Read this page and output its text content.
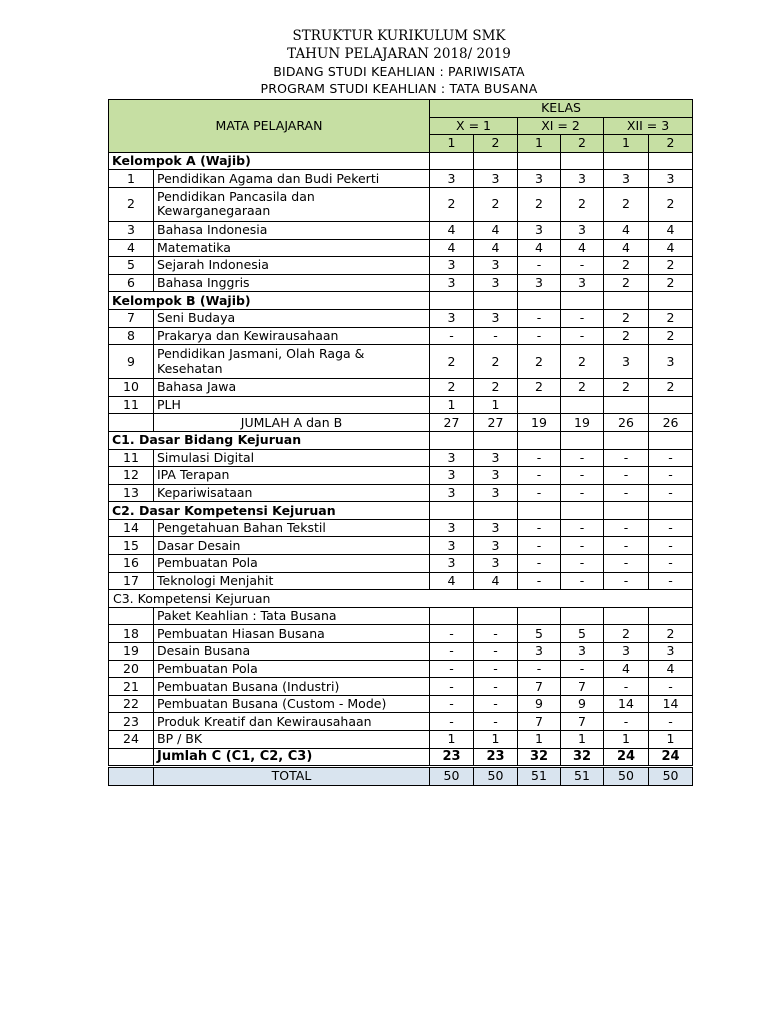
STRUKTUR KURIKULUM SMK
TAHUN PELAJARAN 2018/ 2019
BIDANG STUDI KEAHLIAN : PARIWISATA
PROGRAM STUDI KEAHLIAN : TATA BUSANA
MATA PELAJARAN		KELAS					
		X = 1		XI = 2		XII = 3	
		1	2	1	2	1	2
Kelompok A (Wajib)							
1	Pendidikan Agama dan Budi Pekerti	3	3	3	3	3	3
2	Pendidikan Pancasila dan Kewarganegaraan	2	2	2	2	2	2
3	Bahasa Indonesia	4	4	3	3	4	4
4	Matematika	4	4	4	4	4	4
5	Sejarah Indonesia	3	3	-	-	2	2
6	Bahasa Inggris	3	3	3	3	2	2
Kelompok B (Wajib)							
7	Seni Budaya	3	3	-	-	2	2
8	Prakarya dan Kewirausahaan	-	-	-	-	2	2
9	Pendidikan Jasmani, Olah Raga & Kesehatan	2	2	2	2	3	3
10	Bahasa Jawa	2	2	2	2	2	2
11	PLH	1	1				
	JUMLAH A dan B	27	27	19	19	26	26
C1. Dasar Bidang Kejuruan							
11	Simulasi Digital	3	3	-	-	-	-
12	IPA Terapan	3	3	-	-	-	-
13	Kepariwisataan	3	3	-	-	-	-
C2. Dasar Kompetensi Kejuruan							
14	Pengetahuan Bahan Tekstil	3	3	-	-	-	-
15	Dasar Desain	3	3	-	-	-	-
16	Pembuatan Pola	3	3	-	-	-	-
17	Teknologi Menjahit	4	4	-	-	-	-
C3. Kompetensi Kejuruan							
	Paket Keahlian : Tata Busana						
18	Pembuatan Hiasan Busana	-	-	5	5	2	2
19	Desain Busana	-	-	3	3	3	3
20	Pembuatan Pola	-	-	-	-	4	4
21	Pembuatan Busana (Industri)	-	-	7	7	-	-
22	Pembuatan Busana (Custom - Mode)	-	-	9	9	14	14
23	Produk Kreatif dan Kewirausahaan	-	-	7	7	-	-
24	BP / BK	1	1	1	1	1	1
	Jumlah C (C1, C2, C3)	23	23	32	32	24	24
	TOTAL	50	50	51	51	50	50
